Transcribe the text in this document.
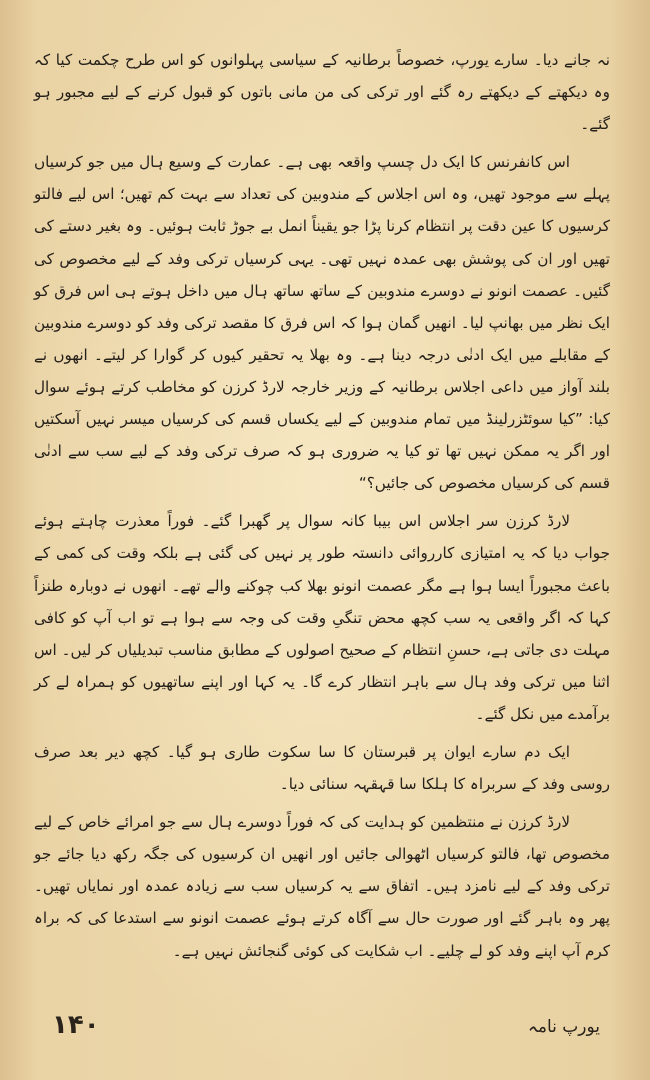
نہ جانے دیا۔ سارے یورپ، خصوصاً برطانیہ کے سیاسی پہلوانوں کو اس طرح چکمت کیا کہ وہ دیکھتے کے دیکھتے رہ گئے اور ترکی کی من مانی باتوں کو قبول کرنے کے لیے مجبور ہو گئے۔

اس کانفرنس کا ایک دل چسپ واقعہ بھی ہے۔ عمارت کے وسیع ہال میں جو کرسیاں پہلے سے موجود تھیں، وہ اس اجلاس کے مندوبین کی تعداد سے بہت کم تھیں؛ اس لیے فالتو کرسیوں کا عین دقت پر انتظام کرنا پڑا جو یقیناً انمل بے جوڑ ثابت ہوئیں۔ وہ بغیر دستے کی تھیں اور ان کی پوشش بھی عمدہ نہیں تھی۔ یہی کرسیاں ترکی وفد کے لیے مخصوص کی گئیں۔ عصمت انونو نے دوسرے مندوبین کے ساتھ ساتھ ہال میں داخل ہوتے ہی اس فرق کو ایک نظر میں بھانپ لیا۔ انھیں گمان ہوا کہ اس فرق کا مقصد ترکی وفد کو دوسرے مندوبین کے مقابلے میں ایک ادنٰی درجہ دینا ہے۔ وہ بھلا یہ تحقیر کیوں کر گوارا کر لیتے۔ انھوں نے بلند آواز میں داعی اجلاس برطانیہ کے وزیر خارجہ لارڈ کرزن کو مخاطب کرتے ہوئے سوال کیا: ”کیا سوئٹزرلینڈ میں تمام مندوبین کے لیے یکساں قسم کی کرسیاں میسر نہیں آسکتیں اور اگر یہ ممکن نہیں تھا تو کیا یہ ضروری ہو کہ صرف ترکی وفد کے لیے سب سے ادنٰی قسم کی کرسیاں مخصوص کی جائیں؟“

لارڈ کرزن سر اجلاس اس بیبا کانہ سوال پر گھبرا گئے۔ فوراً معذرت چاہتے ہوئے جواب دیا کہ یہ امتیازی کارروائی دانستہ طور پر نہیں کی گئی ہے بلکہ وقت کی کمی کے باعث مجبوراً ایسا ہوا ہے مگر عصمت انونو بھلا کب چوکنے والے تھے۔ انھوں نے دوبارہ طنزاً کہا کہ اگر واقعی یہ سب کچھ محض تنگیِ وقت کی وجہ سے ہوا ہے تو اب آپ کو کافی مہلت دی جاتی ہے، حسنِ انتظام کے صحیح اصولوں کے مطابق مناسب تبدیلیاں کر لیں۔ اس اثنا میں ترکی وفد ہال سے باہر انتظار کرے گا۔ یہ کہا اور اپنے ساتھیوں کو ہمراہ لے کر برآمدے میں نکل گئے۔

ایک دم سارے ایوان پر قبرستان کا سا سکوت طاری ہو گیا۔ کچھ دیر بعد صرف روسی وفد کے سربراہ کا ہلکا سا قہقہہ سنائی دیا۔

لارڈ کرزن نے منتظمین کو ہدایت کی کہ فوراً دوسرے ہال سے جو امرائے خاص کے لیے مخصوص تھا، فالتو کرسیاں اٹھوالی جائیں اور انھیں ان کرسیوں کی جگہ رکھ دیا جائے جو ترکی وفد کے لیے نامزد ہیں۔ اتفاق سے یہ کرسیاں سب سے زیادہ عمدہ اور نمایاں تھیں۔ پھر وہ باہر گئے اور صورت حال سے آگاہ کرتے ہوئے عصمت انونو سے استدعا کی کہ براہ کرم آپ اپنے وفد کو لے چلیے۔ اب شکایت کی کوئی گنجائش نہیں ہے۔

۱۴۰	یورپ نامہ
